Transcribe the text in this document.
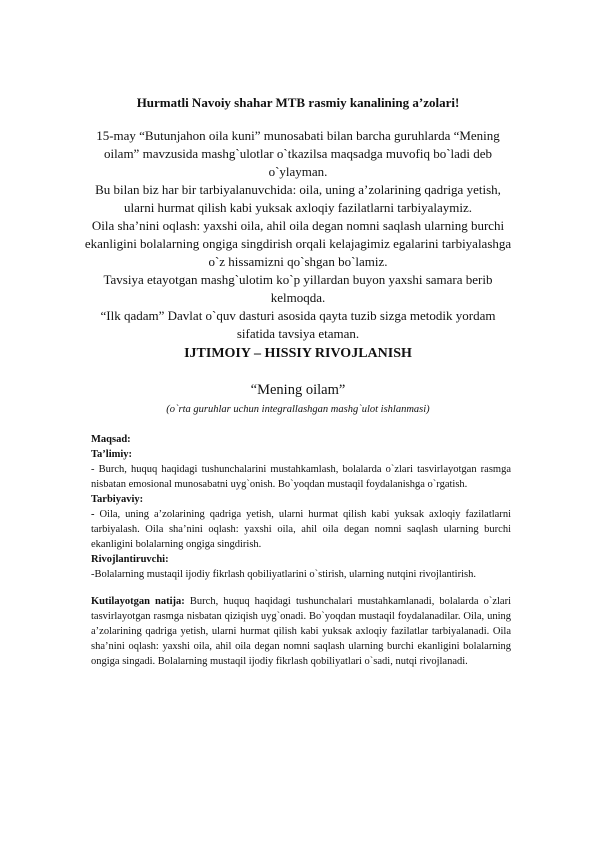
Hurmatli Navoiy shahar MTB rasmiy kanalining a’zolari!

15-may “Butunjahon oila kuni” munosabati bilan barcha guruhlarda “Mening oilam” mavzusida mashg`ulotlar o`tkazilsa maqsadga muvofiq bo`ladi deb o`ylayman.

Bu bilan biz har bir tarbiyalanuvchida: oila, uning a’zolarining qadriga yetish, ularni hurmat qilish kabi yuksak axloqiy fazilatlarni tarbiyalaymiz.

Oila sha’nini oqlash: yaxshi oila, ahil oila degan nomni saqlash ularning burchi ekanligini bolalarning ongiga singdirish orqali kelajagimiz egalarini tarbiyalashga o`z hissamizni qo`shgan bo`lamiz.

Tavsiya etayotgan mashg`ulotim ko`p yillardan buyon yaxshi samara berib kelmoqda.

“Ilk qadam” Davlat o`quv dasturi asosida qayta tuzib sizga metodik yordam sifatida tavsiya etaman.

IJTIMOIY – HISSIY RIVOJLANISH
“Mening oilam”
(o`rta guruhlar uchun integrallashgan mashg`ulot ishlanmasi)

Maqsad:

Ta’limiy:

- Burch, huquq haqidagi tushunchalarini mustahkamlash, bolalarda o`zlari tasvirlayotgan rasmga nisbatan emosional munosabatni uyg`onish. Bo`yoqdan mustaqil foydalanishga o`rgatish.

Tarbiyaviy:

- Oila, uning a’zolarining qadriga yetish, ularni hurmat qilish kabi yuksak axloqiy fazilatlarni tarbiyalash. Oila sha’nini oqlash: yaxshi oila, ahil oila degan nomni saqlash ularning burchi ekanligini bolalarning ongiga singdirish.

Rivojlantiruvchi:

-Bolalarning mustaqil ijodiy fikrlash qobiliyatlarini o`stirish, ularning nutqini rivojlantirish.

Kutilayotgan natija: Burch, huquq haqidagi tushunchalari mustahkamlanadi, bolalarda o`zlari tasvirlayotgan rasmga nisbatan qiziqish uyg`onadi. Bo`yoqdan mustaqil foydalanadilar. Oila, uning a’zolarining qadriga yetish, ularni hurmat qilish kabi yuksak axloqiy fazilatlar tarbiyalanadi. Oila sha’nini oqlash: yaxshi oila, ahil oila degan nomni saqlash ularning burchi ekanligini bolalarning ongiga singadi. Bolalarning mustaqil ijodiy fikrlash qobiliyatlari o`sadi, nutqi rivojlanadi.
